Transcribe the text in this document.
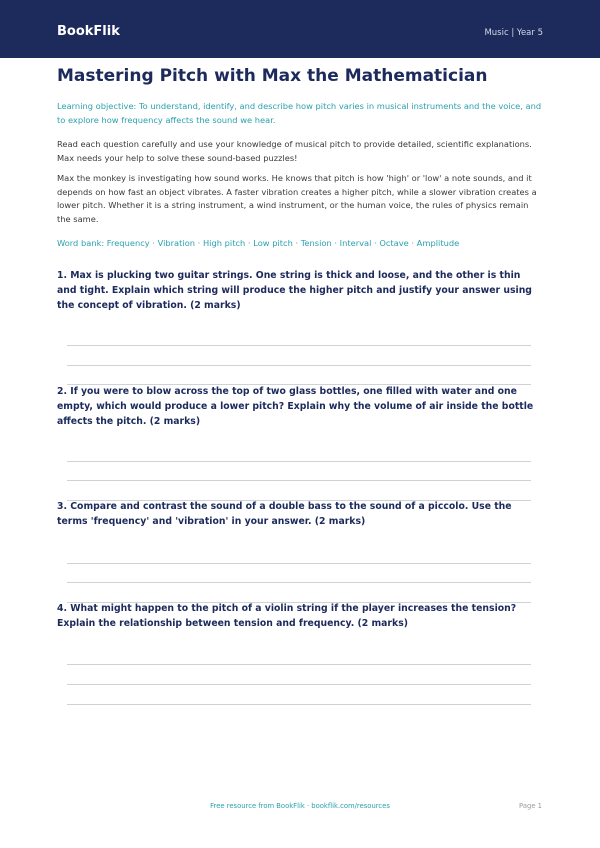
BookFlik	Music | Year 5
Mastering Pitch with Max the Mathematician

Learning objective: To understand, identify, and describe how pitch varies in musical instruments and the voice, and to explore how frequency affects the sound we hear.

Read each question carefully and use your knowledge of musical pitch to provide detailed, scientific explanations. Max needs your help to solve these sound-based puzzles!

Max the monkey is investigating how sound works. He knows that pitch is how 'high' or 'low' a note sounds, and it depends on how fast an object vibrates. A faster vibration creates a higher pitch, while a slower vibration creates a lower pitch. Whether it is a string instrument, a wind instrument, or the human voice, the rules of physics remain the same.

Word bank: Frequency · Vibration · High pitch · Low pitch · Tension · Interval · Octave · Amplitude

1. Max is plucking two guitar strings. One string is thick and loose, and the other is thin and tight. Explain which string will produce the higher pitch and justify your answer using the concept of vibration. (2 marks)

2. If you were to blow across the top of two glass bottles, one filled with water and one empty, which would produce a lower pitch? Explain why the volume of air inside the bottle affects the pitch. (2 marks)

3. Compare and contrast the sound of a double bass to the sound of a piccolo. Use the terms 'frequency' and 'vibration' in your answer. (2 marks)

4. What might happen to the pitch of a violin string if the player increases the tension? Explain the relationship between tension and frequency. (2 marks)

Free resource from BookFlik · bookflik.com/resources	Page 1
